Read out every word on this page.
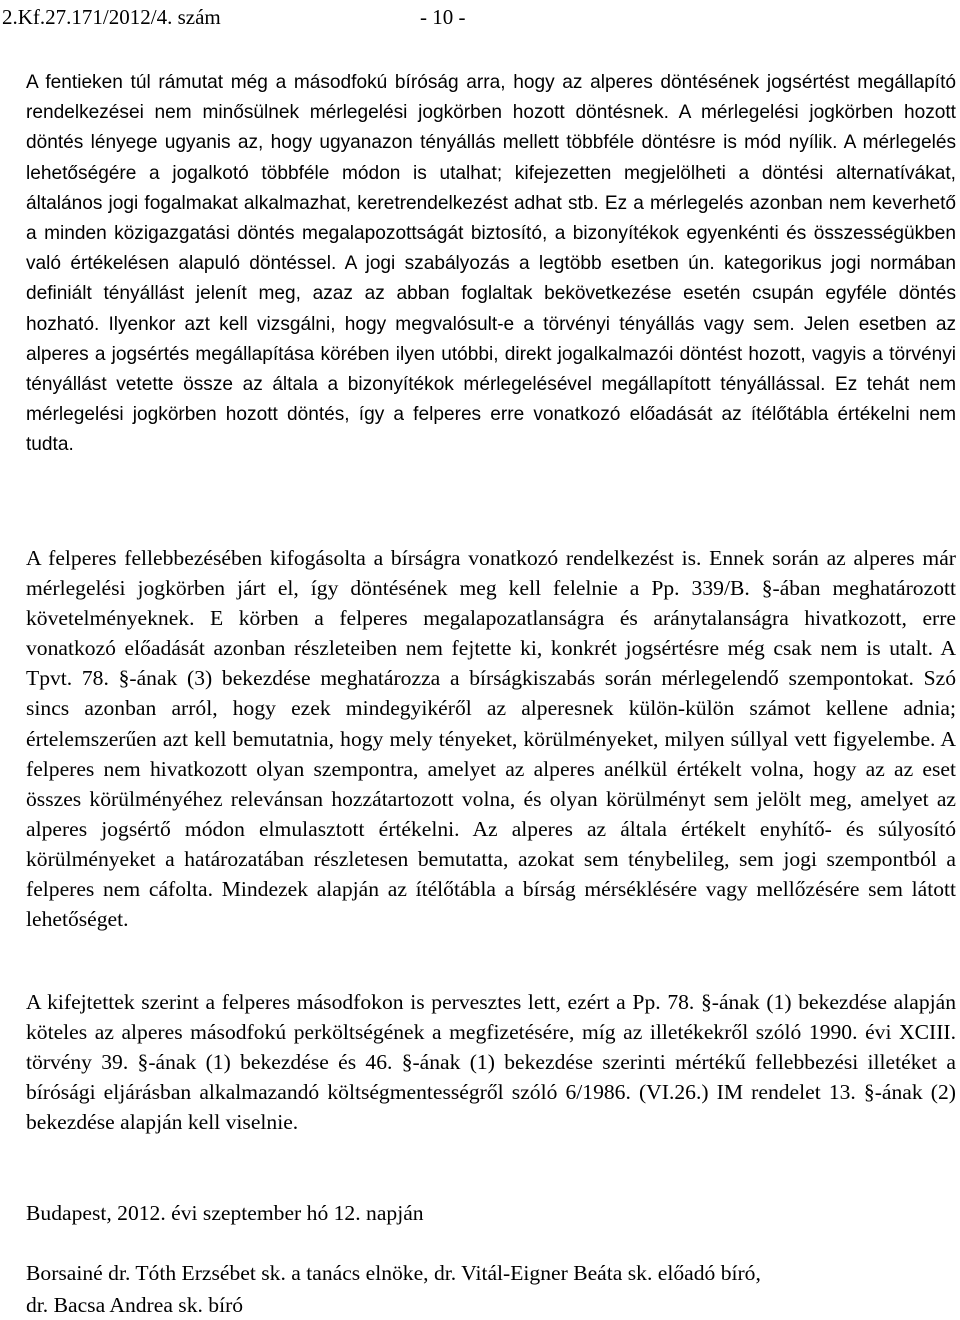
2.Kf.27.171/2012/4. szám	- 10 -

A fentieken túl rámutat még a másodfokú bíróság arra, hogy az alperes döntésének jogsértést megállapító rendelkezései nem minősülnek mérlegelési jogkörben hozott döntésnek. A mérlegelési jogkörben hozott döntés lényege ugyanis az, hogy ugyanazon tényállás mellett többféle döntésre is mód nyílik. A mérlegelés lehetőségére a jogalkotó többféle módon is utalhat; kifejezetten megjelölheti a döntési alternatívákat, általános jogi fogalmakat alkalmazhat, keretrendelkezést adhat stb. Ez a mérlegelés azonban nem keverhető a minden közigazgatási döntés megalapozottságát biztosító, a bizonyítékok egyenkénti és összességükben való értékelésen alapuló döntéssel. A jogi szabályozás a legtöbb esetben ún. kategorikus jogi normában definiált tényállást jelenít meg, azaz az abban foglaltak bekövetkezése esetén csupán egyféle döntés hozható. Ilyenkor azt kell vizsgálni, hogy megvalósult-e a törvényi tényállás vagy sem. Jelen esetben az alperes a jogsértés megállapítása körében ilyen utóbbi, direkt jogalkalmazói döntést hozott, vagyis a törvényi tényállást vetette össze az általa a bizonyítékok mérlegelésével megállapított tényállással. Ez tehát nem mérlegelési jogkörben hozott döntés, így a felperes erre vonatkozó előadását az ítélőtábla értékelni nem tudta.

A felperes fellebbezésében kifogásolta a bírságra vonatkozó rendelkezést is. Ennek során az alperes már mérlegelési jogkörben járt el, így döntésének meg kell felelnie a Pp. 339/B. §-ában meghatározott követelményeknek. E körben a felperes megalapozatlanságra és aránytalanságra hivatkozott, erre vonatkozó előadását azonban részleteiben nem fejtette ki, konkrét jogsértésre még csak nem is utalt. A Tpvt. 78. §-ának (3) bekezdése meghatározza a bírságkiszabás során mérlegelendő szempontokat. Szó sincs azonban arról, hogy ezek mindegyikéről az alperesnek külön-külön számot kellene adnia; értelemszerűen azt kell bemutatnia, hogy mely tényeket, körülményeket, milyen súllyal vett figyelembe. A felperes nem hivatkozott olyan szempontra, amelyet az alperes anélkül értékelt volna, hogy az az eset összes körülményéhez relevánsan hozzátartozott volna, és olyan körülményt sem jelölt meg, amelyet az alperes jogsértő módon elmulasztott értékelni. Az alperes az általa értékelt enyhítő- és súlyosító körülményeket a határozatában részletesen bemutatta, azokat sem ténybelileg, sem jogi szempontból a felperes nem cáfolta. Mindezek alapján az ítélőtábla a bírság mérséklésére vagy mellőzésére sem látott lehetőséget.

A kifejtettek szerint a felperes másodfokon is pervesztes lett, ezért a Pp. 78. §-ának (1) bekezdése alapján köteles az alperes másodfokú perköltségének a megfizetésére, míg az illetékekről szóló 1990. évi XCIII. törvény 39. §-ának (1) bekezdése és 46. §-ának (1) bekezdése szerinti mértékű fellebbezési illetéket a bírósági eljárásban alkalmazandó költségmentességről szóló 6/1986. (VI.26.) IM rendelet 13. §-ának (2) bekezdése alapján kell viselnie.

Budapest, 2012. évi szeptember hó 12. napján
Borsainé dr. Tóth Erzsébet sk. a tanács elnöke, dr. Vitál-Eigner Beáta sk. előadó bíró,
dr. Bacsa Andrea sk. bíró
